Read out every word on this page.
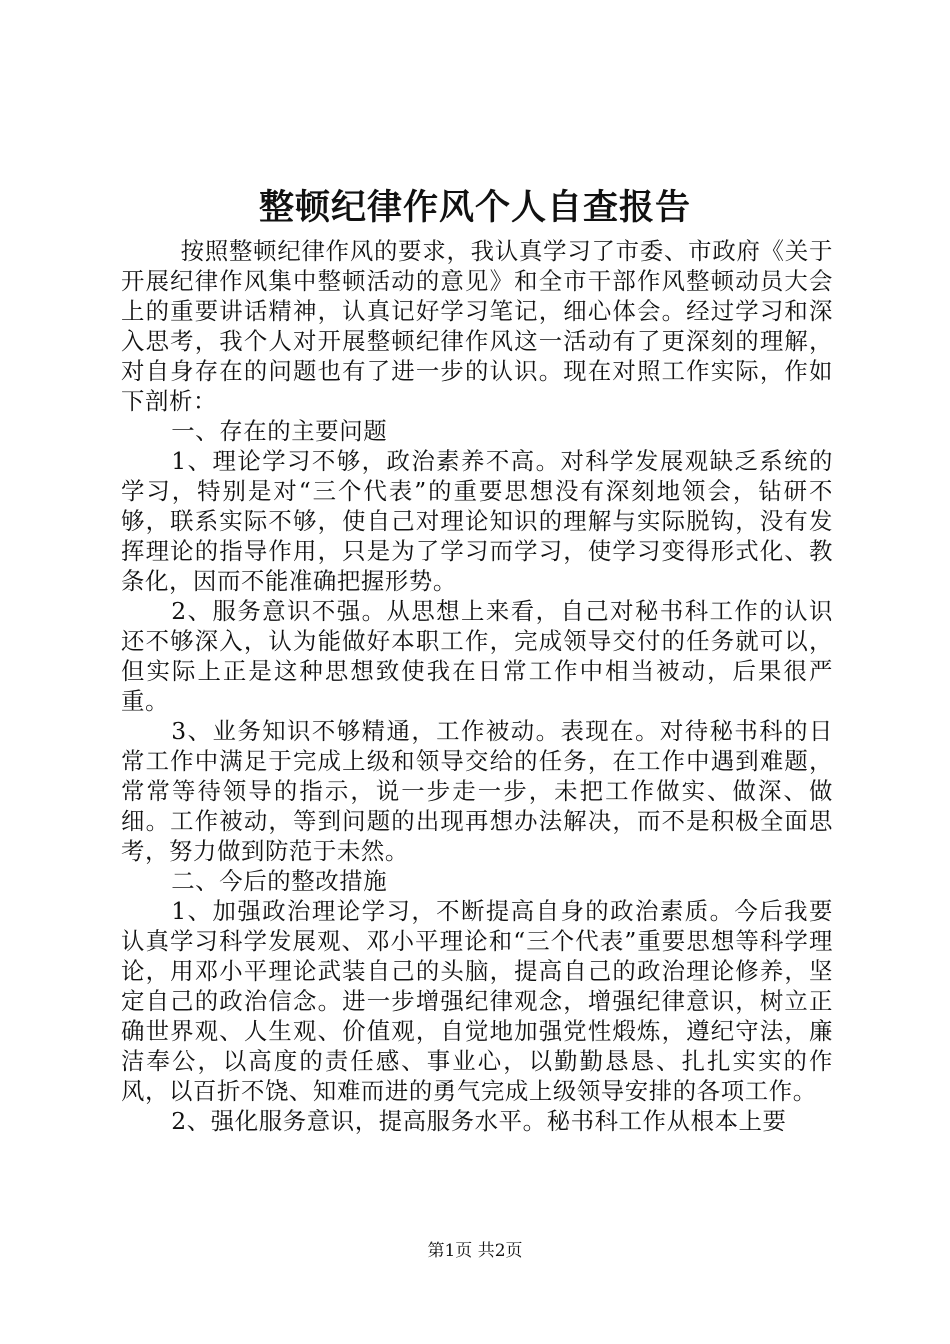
整顿纪律作风个人自查报告

按照整顿纪律作风的要求，我认真学习了市委、市政府《关于开展纪律作风集中整顿活动的意见》和全市干部作风整顿动员大会上的重要讲话精神，认真记好学习笔记，细心体会。经过学习和深入思考，我个人对开展整顿纪律作风这一活动有了更深刻的理解，对自身存在的问题也有了进一步的认识。现在对照工作实际，作如下剖析：

一、存在的主要问题

1、理论学习不够，政治素养不高。对科学发展观缺乏系统的学习，特别是对“三个代表”的重要思想没有深刻地领会，钻研不够，联系实际不够，使自己对理论知识的理解与实际脱钩，没有发挥理论的指导作用，只是为了学习而学习，使学习变得形式化、教条化，因而不能准确把握形势。

2、服务意识不强。从思想上来看，自己对秘书科工作的认识还不够深入，认为能做好本职工作，完成领导交付的任务就可以，但实际上正是这种思想致使我在日常工作中相当被动，后果很严重。

3、业务知识不够精通，工作被动。表现在。对待秘书科的日常工作中满足于完成上级和领导交给的任务，在工作中遇到难题，常常等待领导的指示，说一步走一步，未把工作做实、做深、做细。工作被动，等到问题的出现再想办法解决，而不是积极全面思考，努力做到防范于未然。

二、今后的整改措施

1、加强政治理论学习，不断提高自身的政治素质。今后我要认真学习科学发展观、邓小平理论和“三个代表”重要思想等科学理论，用邓小平理论武装自己的头脑，提高自己的政治理论修养，坚定自己的政治信念。进一步增强纪律观念，增强纪律意识，树立正确世界观、人生观、价值观，自觉地加强党性煅炼，遵纪守法，廉洁奉公，以高度的责任感、事业心，以勤勤恳恳、扎扎实实的作风，以百折不饶、知难而进的勇气完成上级领导安排的各项工作。

2、强化服务意识，提高服务水平。秘书科工作从根本上要

第1页 共2页
